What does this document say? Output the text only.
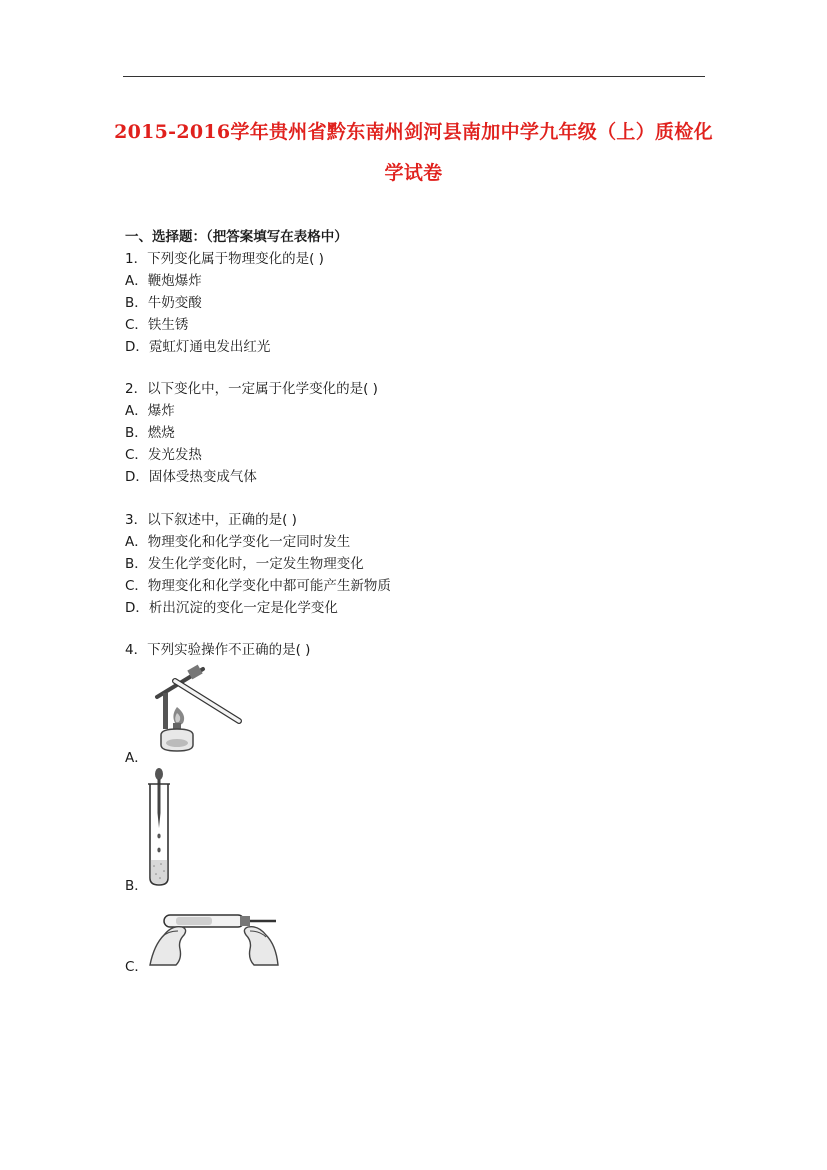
2015-2016学年贵州省黔东南州剑河县南加中学九年级（上）质检化
学试卷
一、选择题：（把答案填写在表格中）
1．下列变化属于物理变化的是( )
A．鞭炮爆炸
B．牛奶变酸
C．铁生锈
D．霓虹灯通电发出红光
2．以下变化中，一定属于化学变化的是( )
A．爆炸
B．燃烧
C．发光发热
D．固体受热变成气体
3．以下叙述中，正确的是( )
A．物理变化和化学变化一定同时发生
B．发生化学变化时，一定发生物理变化
C．物理变化和化学变化中都可能产生新物质
D．析出沉淀的变化一定是化学变化
4．下列实验操作不正确的是( )
A．
B．
C．
